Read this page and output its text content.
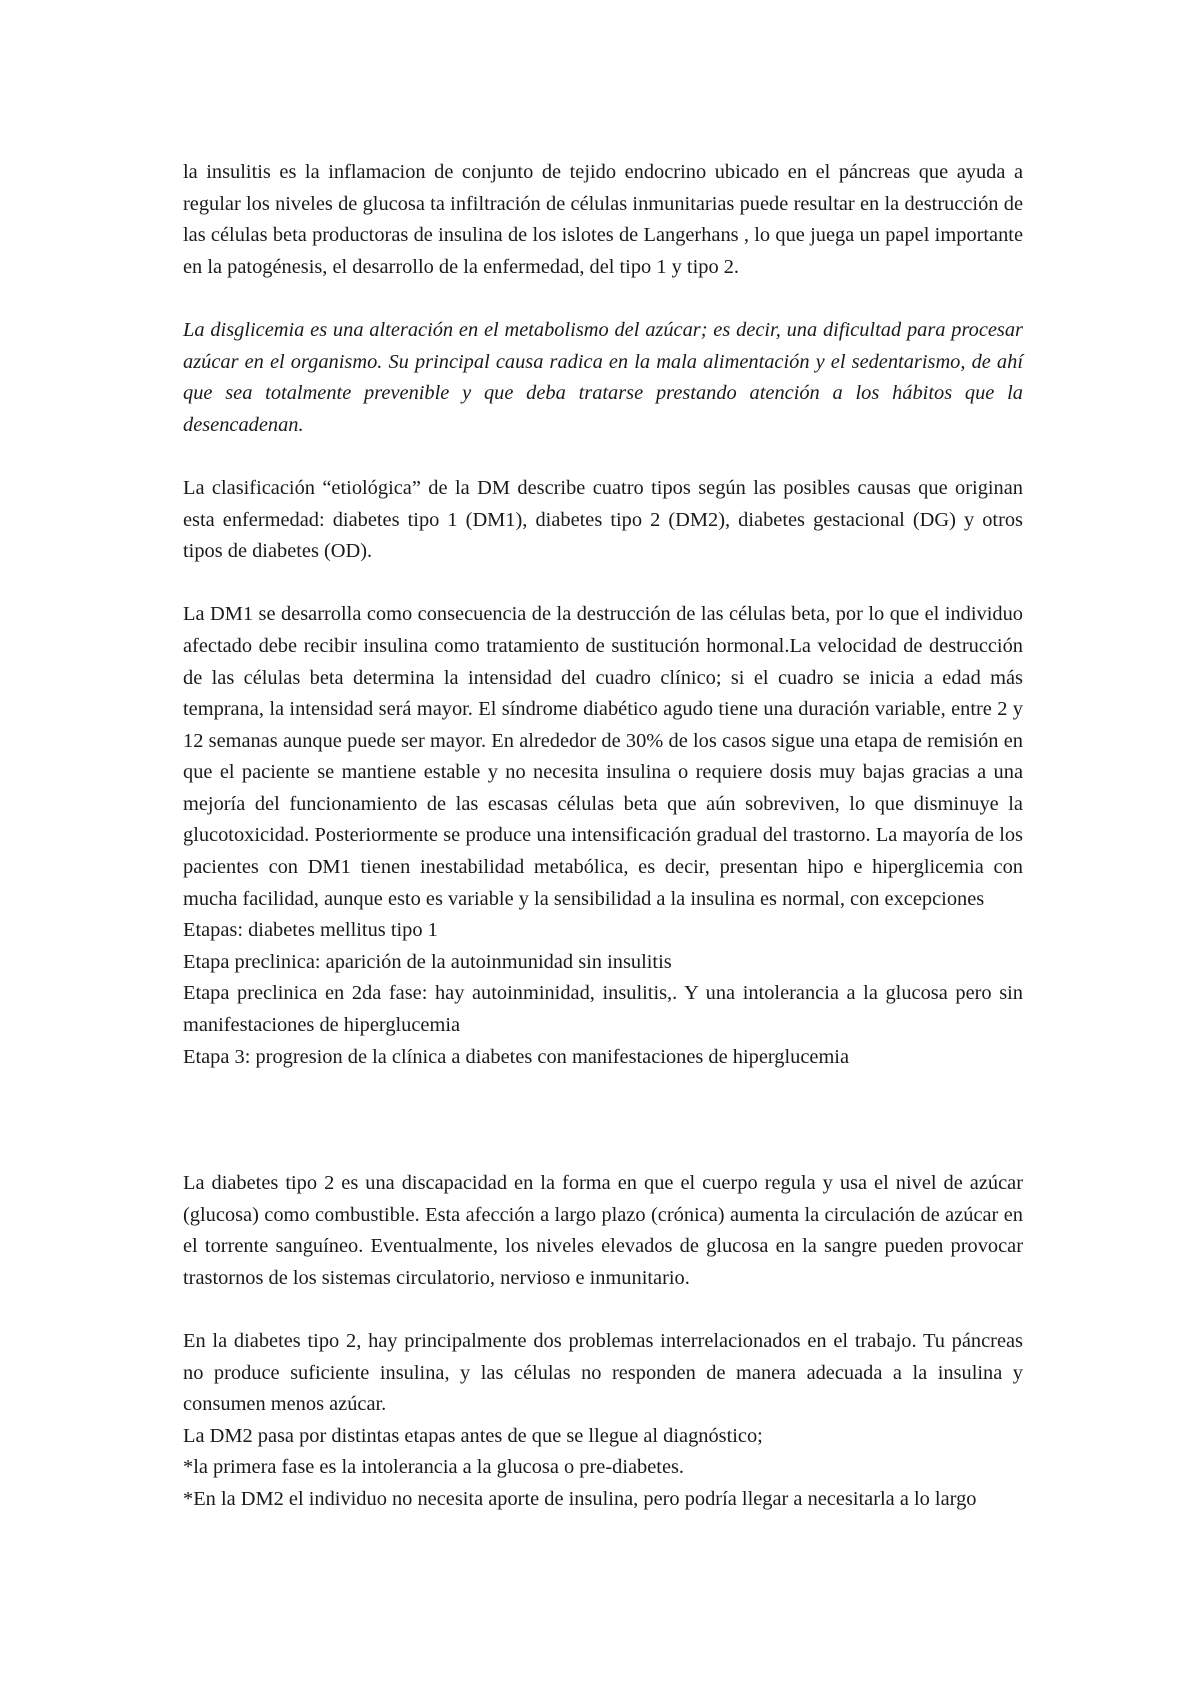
la insulitis es la inflamacion de conjunto de tejido endocrino ubicado en el páncreas que ayuda a regular los niveles de glucosa ta infiltración de células inmunitarias puede resultar en la destrucción de las células beta productoras de insulina de los islotes de Langerhans , lo que juega un papel importante en la patogénesis, el desarrollo de la enfermedad, del tipo 1 y tipo 2.

La disglicemia es una alteración en el metabolismo del azúcar; es decir, una dificultad para procesar azúcar en el organismo. Su principal causa radica en la mala alimentación y el sedentarismo, de ahí que sea totalmente prevenible y que deba tratarse prestando atención a los hábitos que la desencadenan.

La clasificación “etiológica” de la DM describe cuatro tipos según las posibles causas que originan esta enfermedad: diabetes tipo 1 (DM1), diabetes tipo 2 (DM2), diabetes gestacional (DG) y otros tipos de diabetes (OD).

La DM1 se desarrolla como consecuencia de la destrucción de las células beta, por lo que el individuo afectado debe recibir insulina como tratamiento de sustitución hormonal.La velocidad de destrucción de las células beta determina la intensidad del cuadro clínico; si el cuadro se inicia a edad más temprana, la intensidad será mayor. El síndrome diabético agudo tiene una duración variable, entre 2 y 12 semanas aunque puede ser mayor. En alrededor de 30% de los casos sigue una etapa de remisión en que el paciente se mantiene estable y no necesita insulina o requiere dosis muy bajas gracias a una mejoría del funcionamiento de las escasas células beta que aún sobreviven, lo que disminuye la glucotoxicidad. Posteriormente se produce una intensificación gradual del trastorno. La mayoría de los pacientes con DM1 tienen inestabilidad metabólica, es decir, presentan hipo e hiperglicemia con mucha facilidad, aunque esto es variable y la sensibilidad a la insulina es normal, con excepciones

Etapas: diabetes mellitus tipo 1

Etapa preclinica: aparición de la autoinmunidad sin insulitis

Etapa preclinica en 2da fase: hay autoinminidad, insulitis,. Y una intolerancia a la glucosa pero sin manifestaciones de hiperglucemia

Etapa 3: progresion de la clínica a diabetes con manifestaciones de hiperglucemia

La diabetes tipo 2 es una discapacidad en la forma en que el cuerpo regula y usa el nivel de azúcar (glucosa) como combustible. Esta afección a largo plazo (crónica) aumenta la circulación de azúcar en el torrente sanguíneo. Eventualmente, los niveles elevados de glucosa en la sangre pueden provocar trastornos de los sistemas circulatorio, nervioso e inmunitario.

En la diabetes tipo 2, hay principalmente dos problemas interrelacionados en el trabajo. Tu páncreas no produce suficiente insulina, y las células no responden de manera adecuada a la insulina y consumen menos azúcar.

La DM2 pasa por distintas etapas antes de que se llegue al diagnóstico;

*la primera fase es la intolerancia a la glucosa o pre-diabetes.

*En la DM2 el individuo no necesita aporte de insulina, pero podría llegar a necesitarla a lo largo
